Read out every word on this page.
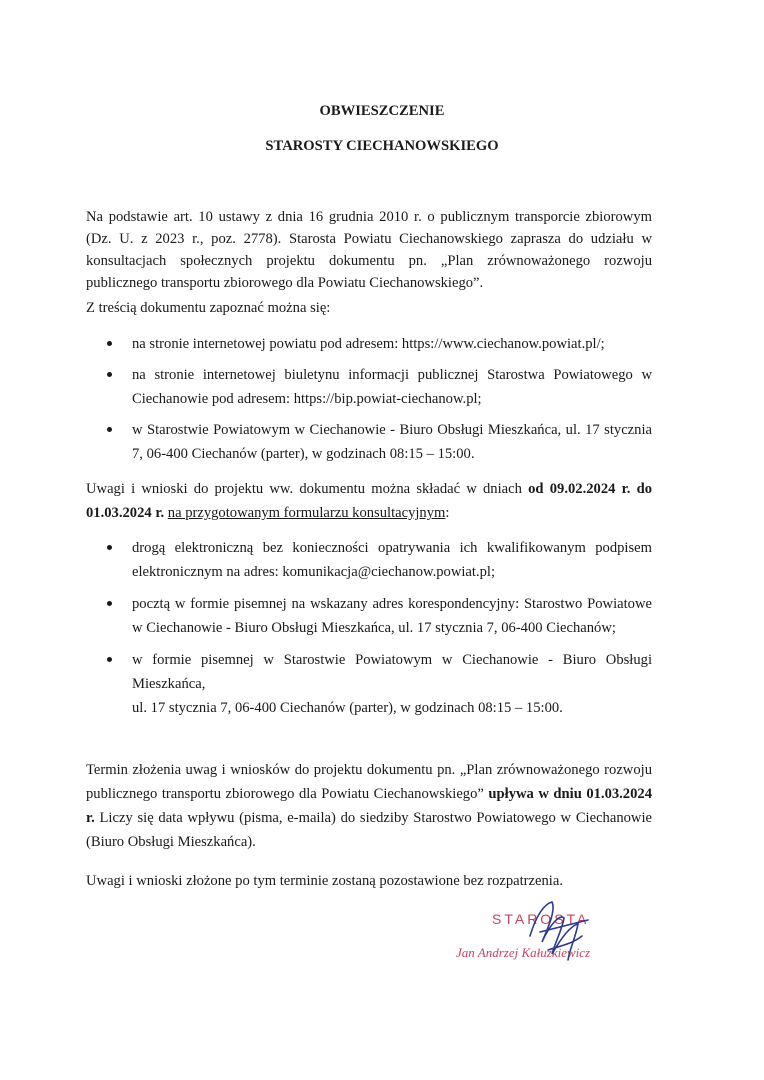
OBWIESZCZENIE
STAROSTY CIECHANOWSKIEGO
Na podstawie art. 10 ustawy z dnia 16 grudnia 2010 r. o publicznym transporcie zbiorowym (Dz. U. z 2023 r., poz. 2778). Starosta Powiatu Ciechanowskiego zaprasza do udziału w konsultacjach społecznych projektu dokumentu pn. „Plan zrównoważonego rozwoju publicznego transportu zbiorowego dla Powiatu Ciechanowskiego”.
Z treścią dokumentu zapoznać można się:
na stronie internetowej powiatu pod adresem: https://www.ciechanow.powiat.pl/;
na stronie internetowej biuletynu informacji publicznej Starostwa Powiatowego w Ciechanowie pod adresem: https://bip.powiat-ciechanow.pl;
w Starostwie Powiatowym w Ciechanowie - Biuro Obsługi Mieszkańca, ul. 17 stycznia 7, 06-400 Ciechanów (parter), w godzinach 08:15 – 15:00.
Uwagi i wnioski do projektu ww. dokumentu można składać w dniach od 09.02.2024 r. do 01.03.2024 r. na przygotowanym formularzu konsultacyjnym:
drogą elektroniczną bez konieczności opatrywania ich kwalifikowanym podpisem elektronicznym na adres: komunikacja@ciechanow.powiat.pl;
pocztą w formie pisemnej na wskazany adres korespondencyjny: Starostwo Powiatowe w Ciechanowie - Biuro Obsługi Mieszkańca, ul. 17 stycznia 7, 06-400 Ciechanów;
w formie pisemnej w Starostwie Powiatowym w Ciechanowie - Biuro Obsługi Mieszkańca,
ul. 17 stycznia 7, 06-400 Ciechanów (parter), w godzinach 08:15 – 15:00.
Termin złożenia uwag i wniosków do projektu dokumentu pn. „Plan zrównoważonego rozwoju publicznego transportu zbiorowego dla Powiatu Ciechanowskiego” upływa w dniu 01.03.2024 r. Liczy się data wpływu (pisma, e-maila) do siedziby Starostwo Powiatowego w Ciechanowie (Biuro Obsługi Mieszkańca).
Uwagi i wnioski złożone po tym terminie zostaną pozostawione bez rozpatrzenia.
STAROSTA
Jan Andrzej Kałużkiewicz
